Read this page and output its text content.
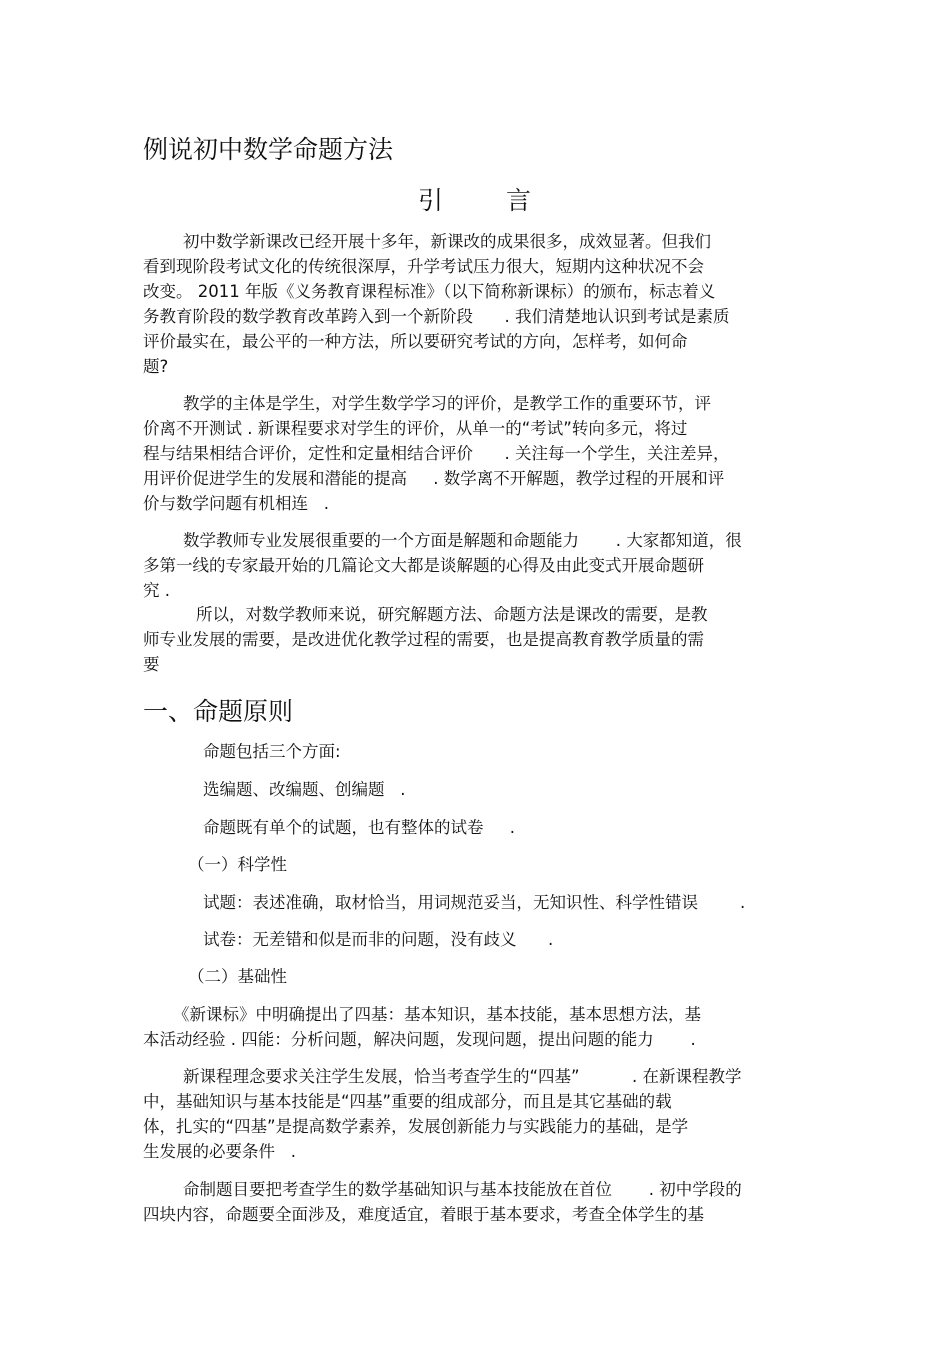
例说初中数学命题方法
引	言
初中数学新课改已经开展十多年，新课改的成果很多，成效显著。但我们
看到现阶段考试文化的传统很深厚，升学考试压力很大，短期内这种状况不会
改变。 2011 年版《义务教育课程标准》（以下简称新课标）的颁布，标志着义
务教育阶段的数学教育改革跨入到一个新阶段      . 我们清楚地认识到考试是素质
评价最实在，最公平的一种方法，所以要研究考试的方向，怎样考，如何命
题?
教学的主体是学生，对学生数学学习的评价，是教学工作的重要环节，评
价离不开测试 . 新课程要求对学生的评价，从单一的“考试”转向多元，将过
程与结果相结合评价，定性和定量相结合评价      . 关注每一个学生，关注差异，
用评价促进学生的发展和潜能的提高     . 数学离不开解题，教学过程的开展和评
价与数学问题有机相连   .
数学教师专业发展很重要的一个方面是解题和命题能力       . 大家都知道，很
多第一线的专家最开始的几篇论文大都是谈解题的心得及由此变式开展命题研
究 .
所以，对数学教师来说，研究解题方法、命题方法是课改的需要，是教
师专业发展的需要，是改进优化教学过程的需要，也是提高教育教学质量的需
要
一、命题原则
命题包括三个方面:
选编题、改编题、创编题   .
命题既有单个的试题，也有整体的试卷     .
（一）科学性
试题：表述准确，取材恰当，用词规范妥当，无知识性、科学性错误        .
试卷：无差错和似是而非的问题，没有歧义      .
（二）基础性
《新课标》中明确提出了四基：基本知识，基本技能，基本思想方法，基
本活动经验 . 四能：分析问题，解决问题，发现问题，提出问题的能力       .
新课程理念要求关注学生发展，恰当考查学生的“四基”          . 在新课程教学
中，基础知识与基本技能是“四基”重要的组成部分，而且是其它基础的载
体，扎实的“四基”是提高数学素养，发展创新能力与实践能力的基础，是学
生发展的必要条件   .
命制题目要把考查学生的数学基础知识与基本技能放在首位       . 初中学段的
四块内容，命题要全面涉及，难度适宜，着眼于基本要求，考查全体学生的基
